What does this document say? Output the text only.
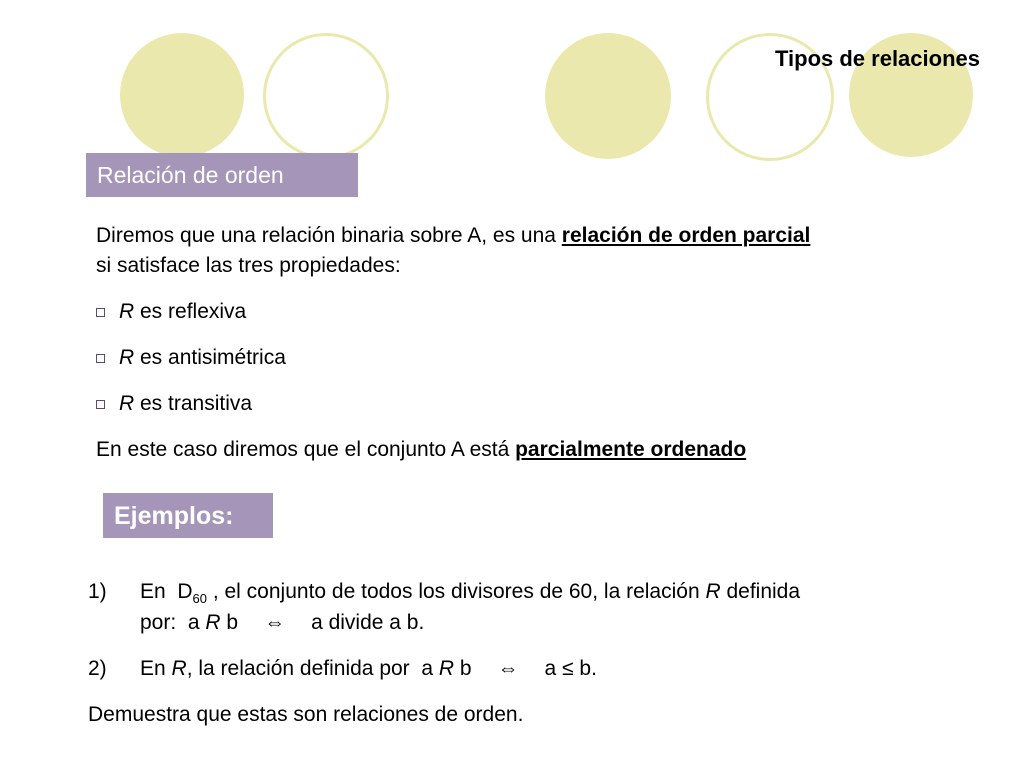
Tipos de relaciones
Relación de orden
Diremos que una relación binaria sobre A, es una relación de orden parcial
si satisface las tres propiedades:
R es reflexiva
R es antisimétrica
R es transitiva
En este caso diremos que el conjunto A está parcialmente ordenado
Ejemplos:
1) En  $D_{60}$ , el conjunto de todos los divisores de 60, la relación R definida
por:  a R b ⇔ a divide a b.
2) En R, la relación definida por  a R b ⇔ a ≤ b.
Demuestra que estas son relaciones de orden.
